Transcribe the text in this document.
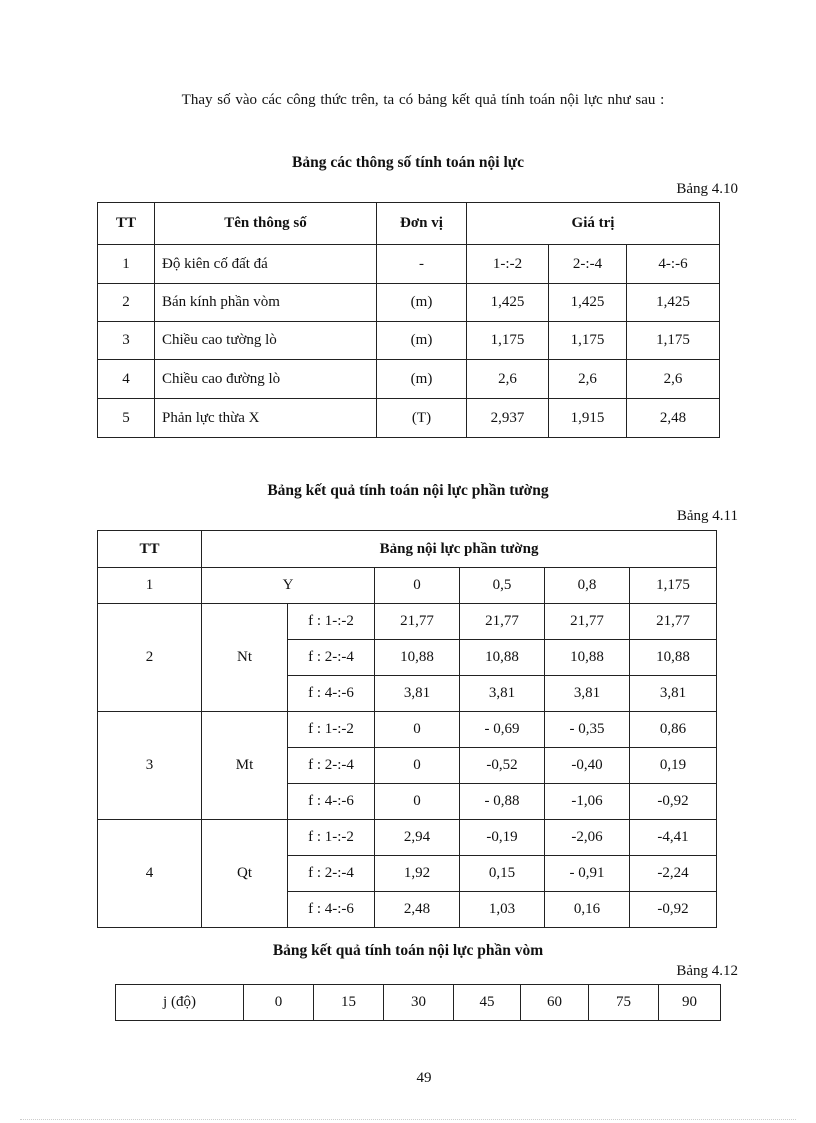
Thay số vào các công thức trên, ta có bảng kết quả tính toán nội lực như sau :
Bảng các thông số tính toán nội lực
Bảng 4.10
TT	Tên thông số	Đơn vị	Giá trị		
1	Độ kiên cố đất đá	-	1-:-2	2-:-4	4-:-6
2	Bán kính phần vòm	(m)	1,425	1,425	1,425
3	Chiều cao tường lò	(m)	1,175	1,175	1,175
4	Chiều cao đường lò	(m)	2,6	2,6	2,6
5	Phản lực thừa X	(T)	2,937	1,915	2,48
Bảng kết quả tính toán nội lực phần tường
Bảng 4.11
TT	Bảng nội lực phần tường					
1	Y		0	0,5	0,8	1,175
2	Nt	f : 1-:-2	21,77	21,77	21,77	21,77
		f : 2-:-4	10,88	10,88	10,88	10,88
		f : 4-:-6	3,81	3,81	3,81	3,81
3	Mt	f : 1-:-2	0	- 0,69	- 0,35	0,86
		f : 2-:-4	0	-0,52	-0,40	0,19
		f : 4-:-6	0	- 0,88	-1,06	-0,92
4	Qt	f : 1-:-2	2,94	-0,19	-2,06	-4,41
		f : 2-:-4	1,92	0,15	- 0,91	-2,24
		f : 4-:-6	2,48	1,03	0,16	-0,92
Bảng kết quả tính toán nội lực phần vòm
Bảng 4.12
j (độ)	0	15	30	45	60	75	90
49
